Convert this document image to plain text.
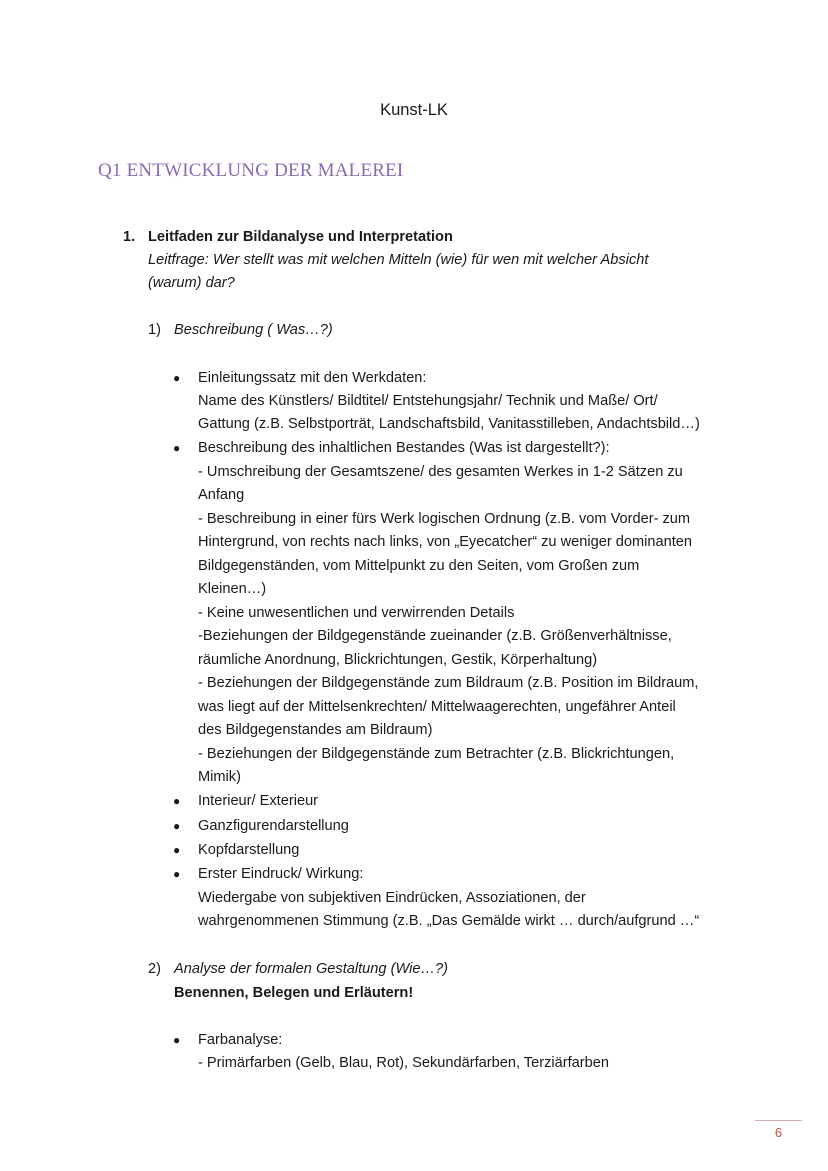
Kunst-LK
Q1 ENTWICKLUNG DER MALEREI
1. Leitfaden zur Bildanalyse und Interpretation
Leitfrage: Wer stellt was mit welchen Mitteln (wie) für wen mit welcher Absicht
(warum) dar?
1) Beschreibung ( Was…?)
● Einleitungssatz mit den Werkdaten:
Name des Künstlers/ Bildtitel/ Entstehungsjahr/ Technik und Maße/ Ort/
Gattung (z.B. Selbstporträt, Landschaftsbild, Vanitasstilleben, Andachtsbild…)
● Beschreibung des inhaltlichen Bestandes (Was ist dargestellt?):
- Umschreibung der Gesamtszene/ des gesamten Werkes in 1-2 Sätzen zu
Anfang
- Beschreibung in einer fürs Werk logischen Ordnung (z.B. vom Vorder- zum
Hintergrund, von rechts nach links, von „Eyecatcher“ zu weniger dominanten
Bildgegenständen, vom Mittelpunkt zu den Seiten, vom Großen zum
Kleinen…)
- Keine unwesentlichen und verwirrenden Details
-Beziehungen der Bildgegenstände zueinander (z.B. Größenverhältnisse,
räumliche Anordnung, Blickrichtungen, Gestik, Körperhaltung)
- Beziehungen der Bildgegenstände zum Bildraum (z.B. Position im Bildraum,
was liegt auf der Mittelsenkrechten/ Mittelwaagerechten, ungefährer Anteil
des Bildgegenstandes am Bildraum)
- Beziehungen der Bildgegenstände zum Betrachter (z.B. Blickrichtungen,
Mimik)
● Interieur/ Exterieur
● Ganzfigurendarstellung
● Kopfdarstellung
● Erster Eindruck/ Wirkung:
Wiedergabe von subjektiven Eindrücken, Assoziationen, der
wahrgenommenen Stimmung (z.B. „Das Gemälde wirkt … durch/aufgrund …“
2) Analyse der formalen Gestaltung (Wie…?)
Benennen, Belegen und Erläutern!
● Farbanalyse:
- Primärfarben (Gelb, Blau, Rot), Sekundärfarben, Terziärfarben
6
